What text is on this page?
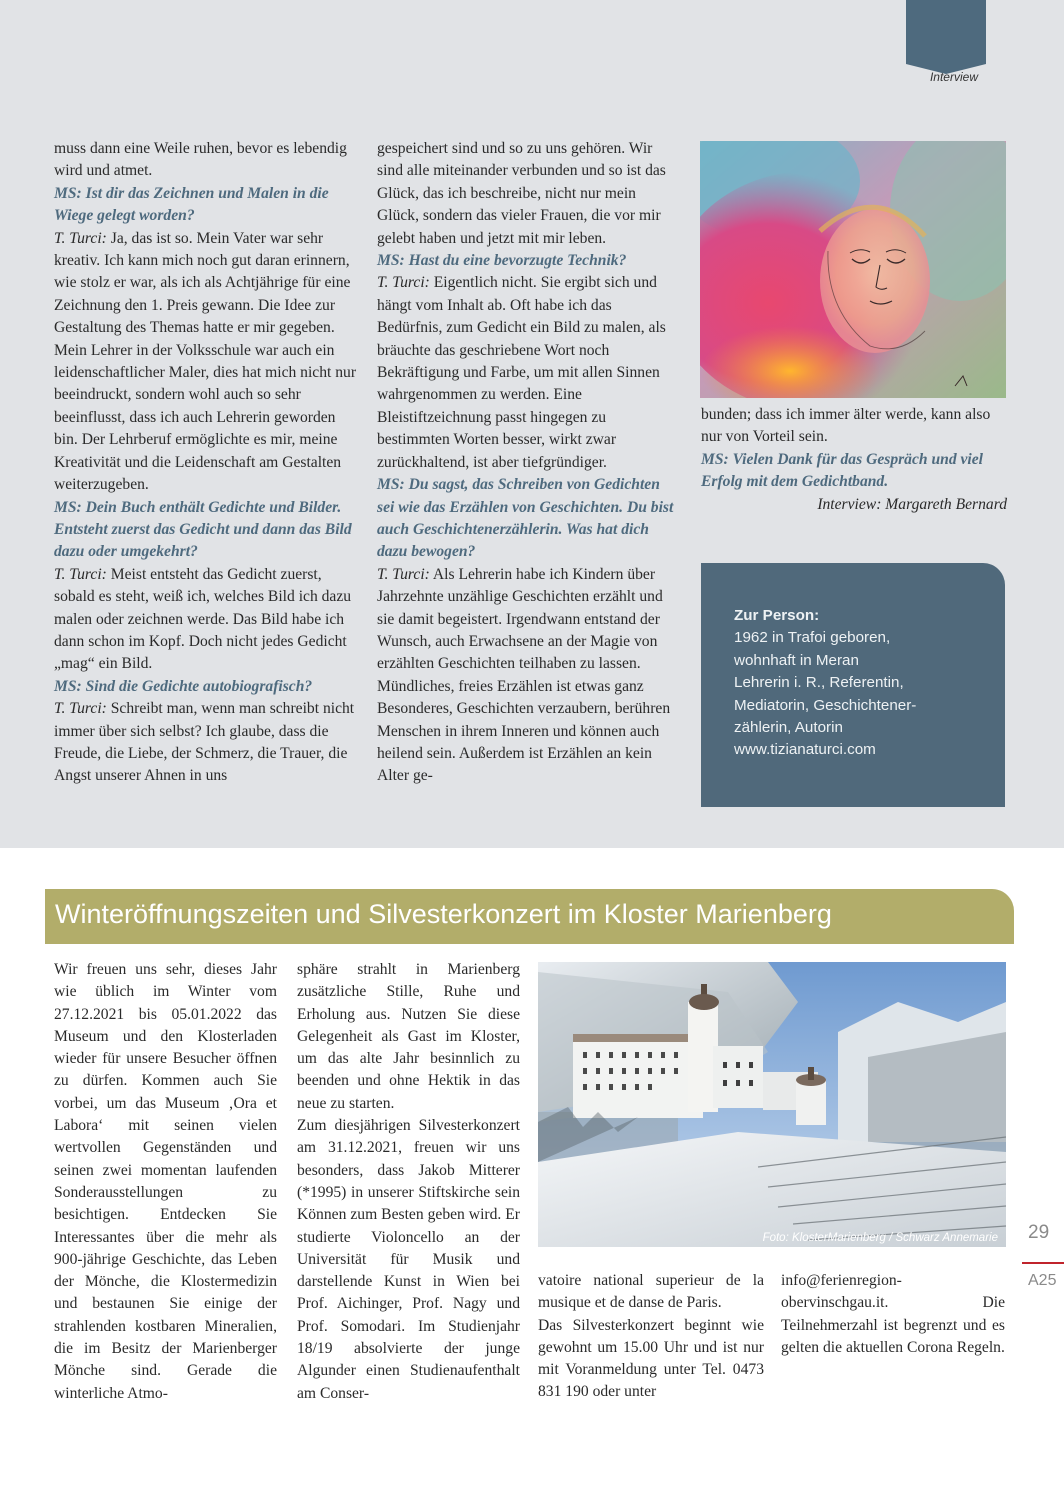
Interview

muss dann eine Weile ruhen, bevor es lebendig wird und atmet.

MS: Ist dir das Zeichnen und Malen in die Wiege gelegt worden?

T. Turci: Ja, das ist so. Mein Vater war sehr kreativ. Ich kann mich noch gut daran erinnern, wie stolz er war, als ich als Achtjährige für eine Zeichnung den 1. Preis gewann. Die Idee zur Gestaltung des Themas hatte er mir gegeben. Mein Lehrer in der Volksschule war auch ein leidenschaftlicher Maler, dies hat mich nicht nur beeindruckt, sondern wohl auch so sehr beeinflusst, dass ich auch Lehrerin geworden bin. Der Lehrberuf ermöglichte es mir, meine Kreativität und die Leidenschaft am Gestalten weiterzugeben.

MS: Dein Buch enthält Gedichte und Bilder. Entsteht zuerst das Gedicht und dann das Bild dazu oder umgekehrt?

T. Turci: Meist entsteht das Gedicht zuerst, sobald es steht, weiß ich, welches Bild ich dazu malen oder zeichnen werde. Das Bild habe ich dann schon im Kopf. Doch nicht jedes Gedicht „mag“ ein Bild.

MS: Sind die Gedichte autobiografisch?

T. Turci: Schreibt man, wenn man schreibt nicht immer über sich selbst? Ich glaube, dass die Freude, die Liebe, der Schmerz, die Trauer, die Angst unserer Ahnen in uns

gespeichert sind und so zu uns gehören. Wir sind alle miteinander verbunden und so ist das Glück, das ich beschreibe, nicht nur mein Glück, sondern das vieler Frauen, die vor mir gelebt haben und jetzt mit mir leben.

MS: Hast du eine bevorzugte Technik?

T. Turci: Eigentlich nicht. Sie ergibt sich und hängt vom Inhalt ab. Oft habe ich das Bedürfnis, zum Gedicht ein Bild zu malen, als bräuchte das geschriebene Wort noch Bekräftigung und Farbe, um mit allen Sinnen wahrgenommen zu werden. Eine Bleistiftzeichnung passt hingegen zu bestimmten Worten besser, wirkt zwar zurückhaltend, ist aber tiefgründiger.

MS: Du sagst, das Schreiben von Gedichten sei wie das Erzählen von Geschichten. Du bist auch Geschichtenerzählerin. Was hat dich dazu bewogen?

T. Turci: Als Lehrerin habe ich Kindern über Jahrzehnte unzählige Geschichten erzählt und sie damit begeistert. Irgendwann entstand der Wunsch, auch Erwachsene an der Magie von erzählten Geschichten teilhaben zu lassen. Mündliches, freies Erzählen ist etwas ganz Besonderes, Geschichten verzaubern, berühren Menschen in ihrem Inneren und können auch heilend sein. Außerdem ist Erzählen an kein Alter ge-

bunden; dass ich immer älter werde, kann also nur von Vorteil sein.

MS: Vielen Dank für das Gespräch und viel Erfolg mit dem Gedichtband.

Interview: Margareth Bernard

Zur Person:
1962 in Trafoi geboren,
wohnhaft in Meran
Lehrerin i. R., Referentin,
Mediatorin, Geschichtener-
zählerin, Autorin
www.tizianaturci.com
Winteröffnungszeiten und Silvesterkonzert im Kloster Marienberg

Wir freuen uns sehr, dieses Jahr wie üblich im Winter vom 27.12.2021 bis 05.01.2022 das Museum und den Klosterladen wieder für unsere Besucher öffnen zu dürfen. Kommen auch Sie vorbei, um das Museum ‚Ora et Labora‘ mit seinen vielen wertvollen Gegenständen und seinen zwei momentan laufenden Sonderausstellungen zu besichtigen. Entdecken Sie Interessantes über die mehr als 900-jährige Geschichte, das Leben der Mönche, die Klostermedizin und bestaunen Sie einige der strahlenden kostbaren Mineralien, die im Besitz der Marienberger Mönche sind. Gerade die winterliche Atmo-

sphäre strahlt in Marienberg zusätzliche Stille, Ruhe und Erholung aus. Nutzen Sie diese Gelegenheit als Gast im Kloster, um das alte Jahr besinnlich zu beenden und ohne Hektik in das neue zu starten.

Zum diesjährigen Silvesterkonzert am 31.12.2021, freuen wir uns besonders, dass Jakob Mitterer (*1995) in unserer Stiftskirche sein Können zum Besten geben wird. Er studierte Violoncello an der Universität für Musik und darstellende Kunst in Wien bei Prof. Aichinger, Prof. Nagy und Prof. Somodari. Im Studienjahr 18/19 absolvierte der junge Algunder einen Studienaufenthalt am Conser-

Foto: KlosterMarienberg / Schwarz Annemarie

vatoire national superieur de la musique et de danse de Paris.

Das Silvesterkonzert beginnt wie gewohnt um 15.00 Uhr und ist nur mit Voranmeldung unter Tel. 0473 831 190 oder unter

info@ferienregion-obervinschgau.it. Die Teilnehmerzahl ist begrenzt und es gelten die aktuellen Corona Regeln.

29
A25
